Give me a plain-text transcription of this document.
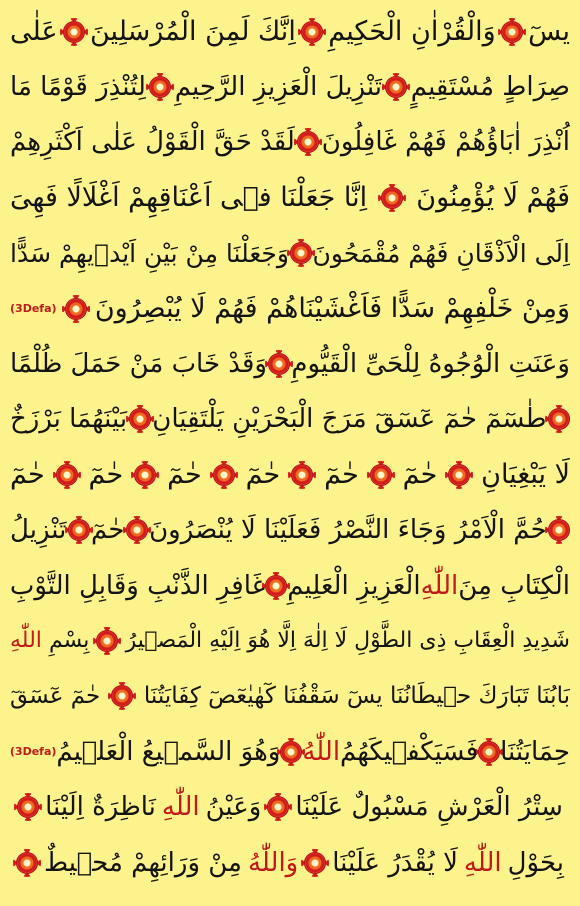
يسٓ
وَالْقُرْاٰنِ الْحَكِيمِ
اِنَّكَ لَمِنَ الْمُرْسَلِينَ
عَلٰى
صِرَاطٍ مُسْتَقِيمٍ
تَنْزِيلَ الْعَزِيزِ الرَّحِيمِ
لِتُنْذِرَ قَوْمًا مَا
اُنْذِرَ اٰبَاؤُهُمْ فَهُمْ غَافِلُونَ
لَقَدْ حَقَّ الْقَوْلُ عَلٰى اَكْثَرِهِمْ
فَهُمْ لَا يُؤْمِنُونَ
اِنَّا جَعَلْنَا فٖى اَعْنَاقِهِمْ اَغْلَالًا فَهِىَ
اِلَى الْاَذْقَانِ فَهُمْ مُقْمَحُونَ
وَجَعَلْنَا مِنْ بَيْنِ اَيْدٖيهِمْ سَدًّا
وَمِنْ خَلْفِهِمْ سَدًّا فَاَغْشَيْنَاهُمْ فَهُمْ لَا يُبْصِرُونَ
(3Defa)
وَعَنَتِ الْوُجُوهُ لِلْحَىِّ الْقَيُّومِ
وَقَدْ خَابَ مَنْ حَمَلَ ظُلْمًا
طٰسٓمٓ حٰمٓ عٓسٓقٓ مَرَجَ الْبَحْرَيْنِ يَلْتَقِيَانِ
بَيْنَهُمَا بَرْزَخٌ
لَا يَبْغِيَانِ
حٰمٓ
حٰمٓ
حٰمٓ
حٰمٓ
حٰمٓ
حٰمٓ
حُمَّ الْاَمْرُ وَجَاءَ النَّصْرُ فَعَلَيْنَا لَا يُنْصَرُونَ
حٰمٓ
تَنْزِيلُ
الْكِتَابِ مِنَ
اللّٰهِ
الْعَزِيزِ الْعَلِيمِ
غَافِرِ الذَّنْبِ وَقَابِلِ التَّوْبِ
شَدِيدِ الْعِقَابِ ذِى الطَّوْلِ لَا اِلٰهَ اِلَّا هُوَ اِلَيْهِ الْمَصٖيرُ
بِسْمِ
اللّٰهِ
بَابُنَا تَبَارَكَ حٖيطَانُنَا يسٓ سَقْفُنَا كٓهٰيٰعٓصٓ كِفَايَتُنَا
حٰمٓ عٓسٓقٓ
حِمَايَتُنَا
فَسَيَكْفٖيكَهُمُ
اللّٰهُ
وَهُوَ السَّمٖيعُ الْعَلٖيمُ
(3Defa)
سِتْرُ الْعَرْشِ مَسْبُولٌ عَلَيْنَا
وَعَيْنُ
اللّٰهِ
نَاظِرَةٌ اِلَيْنَا
بِحَوْلِ
اللّٰهِ
لَا يُقْدَرُ عَلَيْنَا
وَاللّٰهُ
مِنْ وَرَائِهِمْ مُحٖيطٌ
